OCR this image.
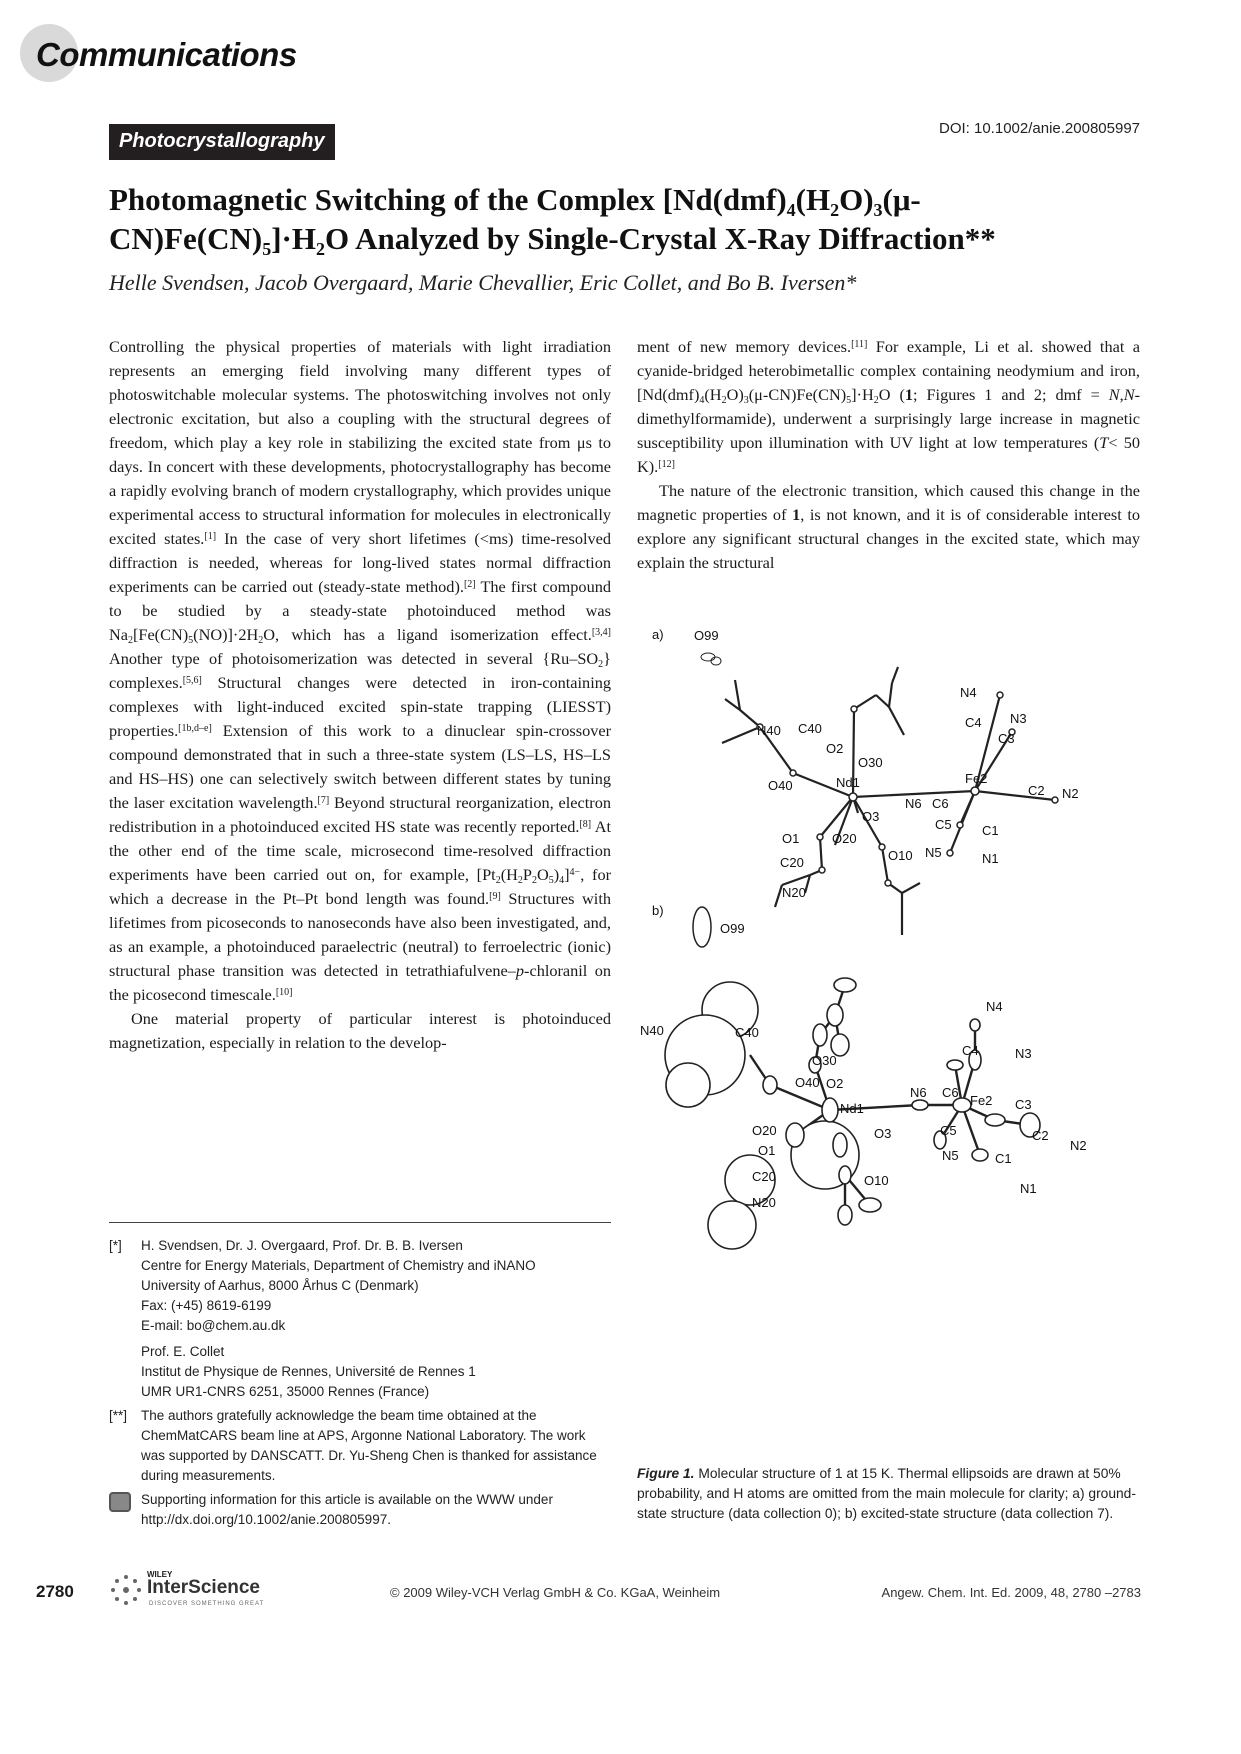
Communications
Photocrystallography
DOI: 10.1002/anie.200805997
Photomagnetic Switching of the Complex $[Nd(dmf)_4(H_2O)_3(\mu-CN)Fe(CN)_5]\cdot H_2O$ Analyzed by Single-Crystal X-Ray Diffraction**
Helle Svendsen, Jacob Overgaard, Marie Chevallier, Eric Collet, and Bo B. Iversen*

Controlling the physical properties of materials with light irradiation represents an emerging field involving many different types of photoswitchable molecular systems. The photoswitching involves not only electronic excitation, but also a coupling with the structural degrees of freedom, which play a key role in stabilizing the excited state from μs to days. In concert with these developments, photocrystallography has become a rapidly evolving branch of modern crystallography, which provides unique experimental access to structural information for molecules in electronically excited states.[1] In the case of very short lifetimes (<ms) time-resolved diffraction is needed, whereas for long-lived states normal diffraction experiments can be carried out (steady-state method).[2] The first compound to be studied by a steady-state photoinduced method was $Na_2[Fe(CN)_5(NO)]\cdot 2H_2O$, which has a ligand isomerization effect.[3,4] Another type of photoisomerization was detected in several $\{Ru-SO_2\}$ complexes.[5,6] Structural changes were detected in iron-containing complexes with light-induced excited spin-state trapping (LIESST) properties.[1b,d–e] Extension of this work to a dinuclear spin-crossover compound demonstrated that in such a three-state system (LS–LS, HS–LS and HS–HS) one can selectively switch between different states by tuning the laser excitation wavelength.[7] Beyond structural reorganization, electron redistribution in a photoinduced excited HS state was recently reported.[8] At the other end of the time scale, microsecond time-resolved diffraction experiments have been carried out on, for example, $[Pt_2(H_2P_2O_5)_4]^{4-}$, for which a decrease in the Pt–Pt bond length was found.[9] Structures with lifetimes from picoseconds to nanoseconds have also been investigated, and, as an example, a photoinduced paraelectric (neutral) to ferroelectric (ionic) structural phase transition was detected in tetrathiafulvene–p-chloranil on the picosecond timescale.[10]

One material property of particular interest is photoinduced magnetization, especially in relation to the develop-

ment of new memory devices.[11] For example, Li et al. showed that a cyanide-bridged heterobimetallic complex containing neodymium and iron, $[Nd(dmf)_4(H_2O)_3(\mu-CN)Fe(CN)_5]\cdot H_2O$ (1; Figures 1 and 2; dmf = N,N-dimethylformamide), underwent a surprisingly large increase in magnetic susceptibility upon illumination with UV light at low temperatures (T< 50 K).[12]

The nature of the electronic transition, which caused this change in the magnetic properties of 1, is not known, and it is of considerable interest to explore any significant structural changes in the excited state, which may explain the structural

a) O99
N40 C40
O2
O30
O40	Nd1
N6 C6
Fe2
N4
C4 N3
C3
C2 N2
C5
N5
C1
N1
O3
O1	O20
O10
C20
N20
b)
O99
N40	C40
O30
O40 O2
Nd1
N6 C6
Fe2
N4
C4	N3
C3
C2
N2
C5
N5	C1
N1
O3
O20
O1
O10
C20
N20
Figure 1. Molecular structure of 1 at 15 K. Thermal ellipsoids are drawn at 50% probability, and H atoms are omitted from the main molecule for clarity; a) ground-state structure (data collection 0); b) excited-state structure (data collection 7).
[*]	H. Svendsen, Dr. J. Overgaard, Prof. Dr. B. B. Iversen
Centre for Energy Materials, Department of Chemistry and iNANO
University of Aarhus, 8000 Århus C (Denmark)
Fax: (+45) 8619-6199
E-mail: bo@chem.au.dk
Prof. E. Collet
Institut de Physique de Rennes, Université de Rennes 1
UMR UR1-CNRS 6251, 35000 Rennes (France)
[**]	The authors gratefully acknowledge the beam time obtained at the ChemMatCARS beam line at APS, Argonne National Laboratory. The work was supported by DANSCATT. Dr. Yu-Sheng Chen is thanked for assistance during measurements.
Supporting information for this article is available on the WWW under http://dx.doi.org/10.1002/anie.200805997.
2780
WILEY
InterScience
DISCOVER SOMETHING GREAT
© 2009 Wiley-VCH Verlag GmbH & Co. KGaA, Weinheim	Angew. Chem. Int. Ed. 2009, 48, 2780 –2783
